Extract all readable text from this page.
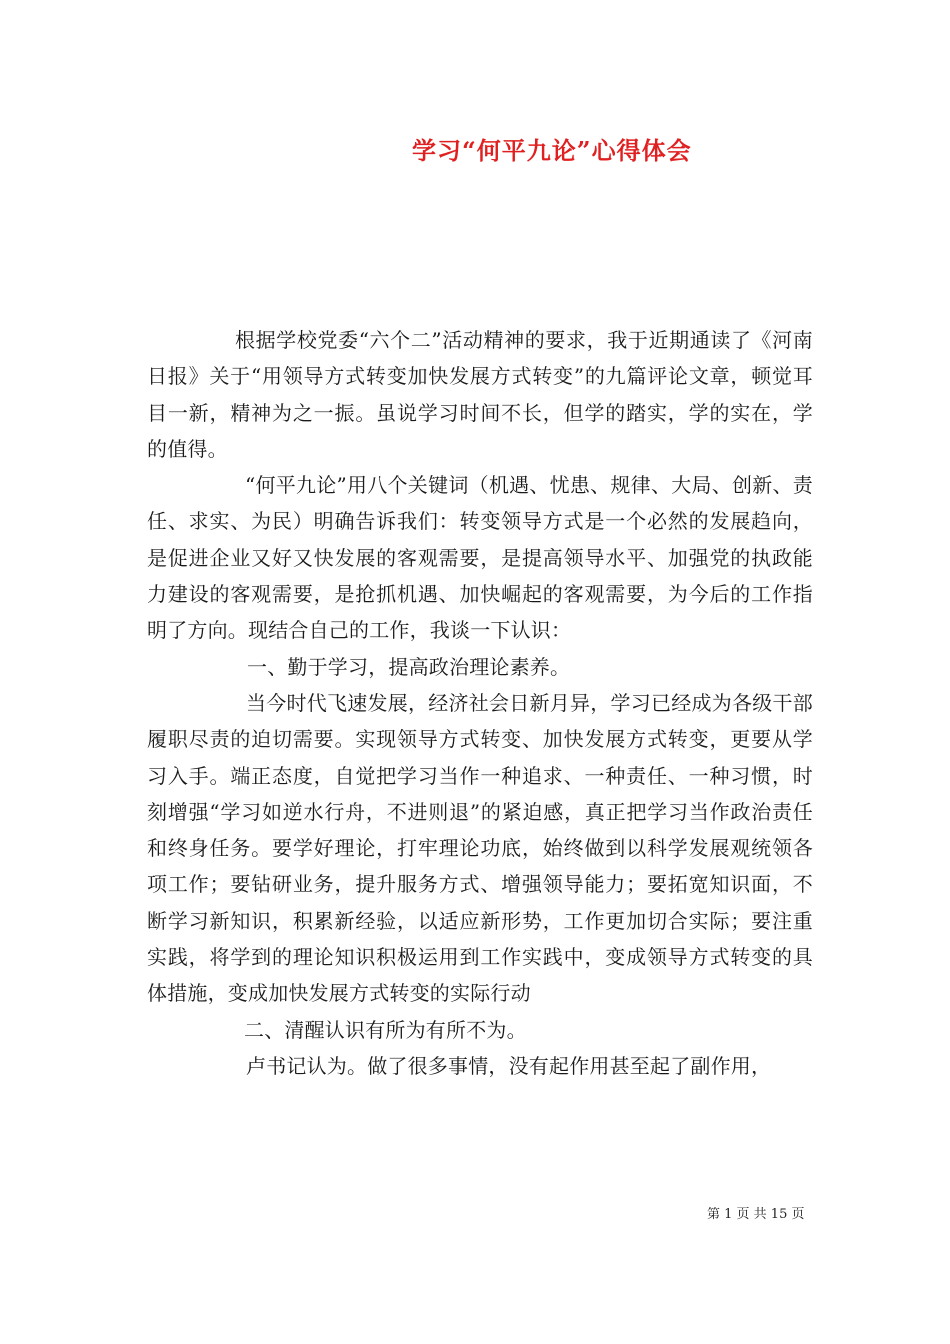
学习“何平九论”心得体会

根据学校党委“六个二”活动精神的要求，我于近期通读了《河南日报》关于“用领导方式转变加快发展方式转变”的九篇评论文章，顿觉耳目一新，精神为之一振。虽说学习时间不长，但学的踏实，学的实在，学的值得。

“何平九论”用八个关键词（机遇、忧患、规律、大局、创新、责任、求实、为民）明确告诉我们：转变领导方式是一个必然的发展趋向，是促进企业又好又快发展的客观需要，是提高领导水平、加强党的执政能力建设的客观需要，是抢抓机遇、加快崛起的客观需要，为今后的工作指明了方向。现结合自己的工作，我谈一下认识：

一、勤于学习，提高政治理论素养。

当今时代飞速发展，经济社会日新月异，学习已经成为各级干部履职尽责的迫切需要。实现领导方式转变、加快发展方式转变，更要从学习入手。端正态度，自觉把学习当作一种追求、一种责任、一种习惯，时刻增强“学习如逆水行舟，不进则退”的紧迫感，真正把学习当作政治责任和终身任务。要学好理论，打牢理论功底，始终做到以科学发展观统领各项工作；要钻研业务，提升服务方式、增强领导能力；要拓宽知识面，不断学习新知识，积累新经验，以适应新形势，工作更加切合实际；要注重实践，将学到的理论知识积极运用到工作实践中，变成领导方式转变的具体措施，变成加快发展方式转变的实际行动

二、清醒认识有所为有所不为。

卢书记认为。做了很多事情，没有起作用甚至起了副作用，

第 1 页 共 15 页
